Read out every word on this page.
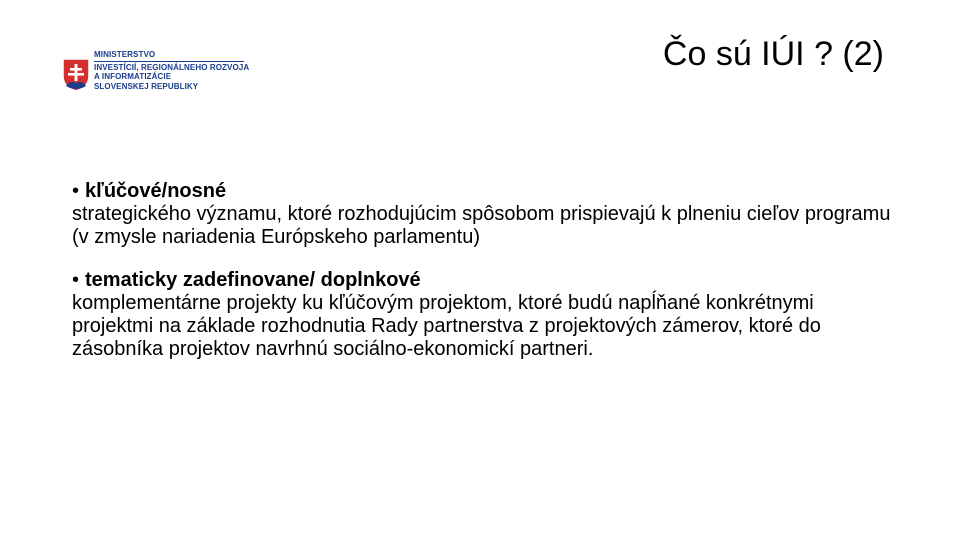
MINISTERSTVO
INVESTÍCIÍ, REGIONÁLNEHO ROZVOJA
A INFORMATIZÁCIE
SLOVENSKEJ REPUBLIKY
Čo sú IÚI ? (2)
• kľúčové/nosné
strategického významu, ktoré rozhodujúcim spôsobom prispievajú k plneniu cieľov programu (v zmysle nariadenia Európskeho parlamentu)
• tematicky zadefinovane/ doplnkové
komplementárne projekty ku kľúčovým projektom, ktoré budú napĺňané konkrétnymi projektmi na základe rozhodnutia Rady partnerstva z projektových zámerov, ktoré do zásobníka projektov navrhnú sociálno-ekonomickí partneri.
